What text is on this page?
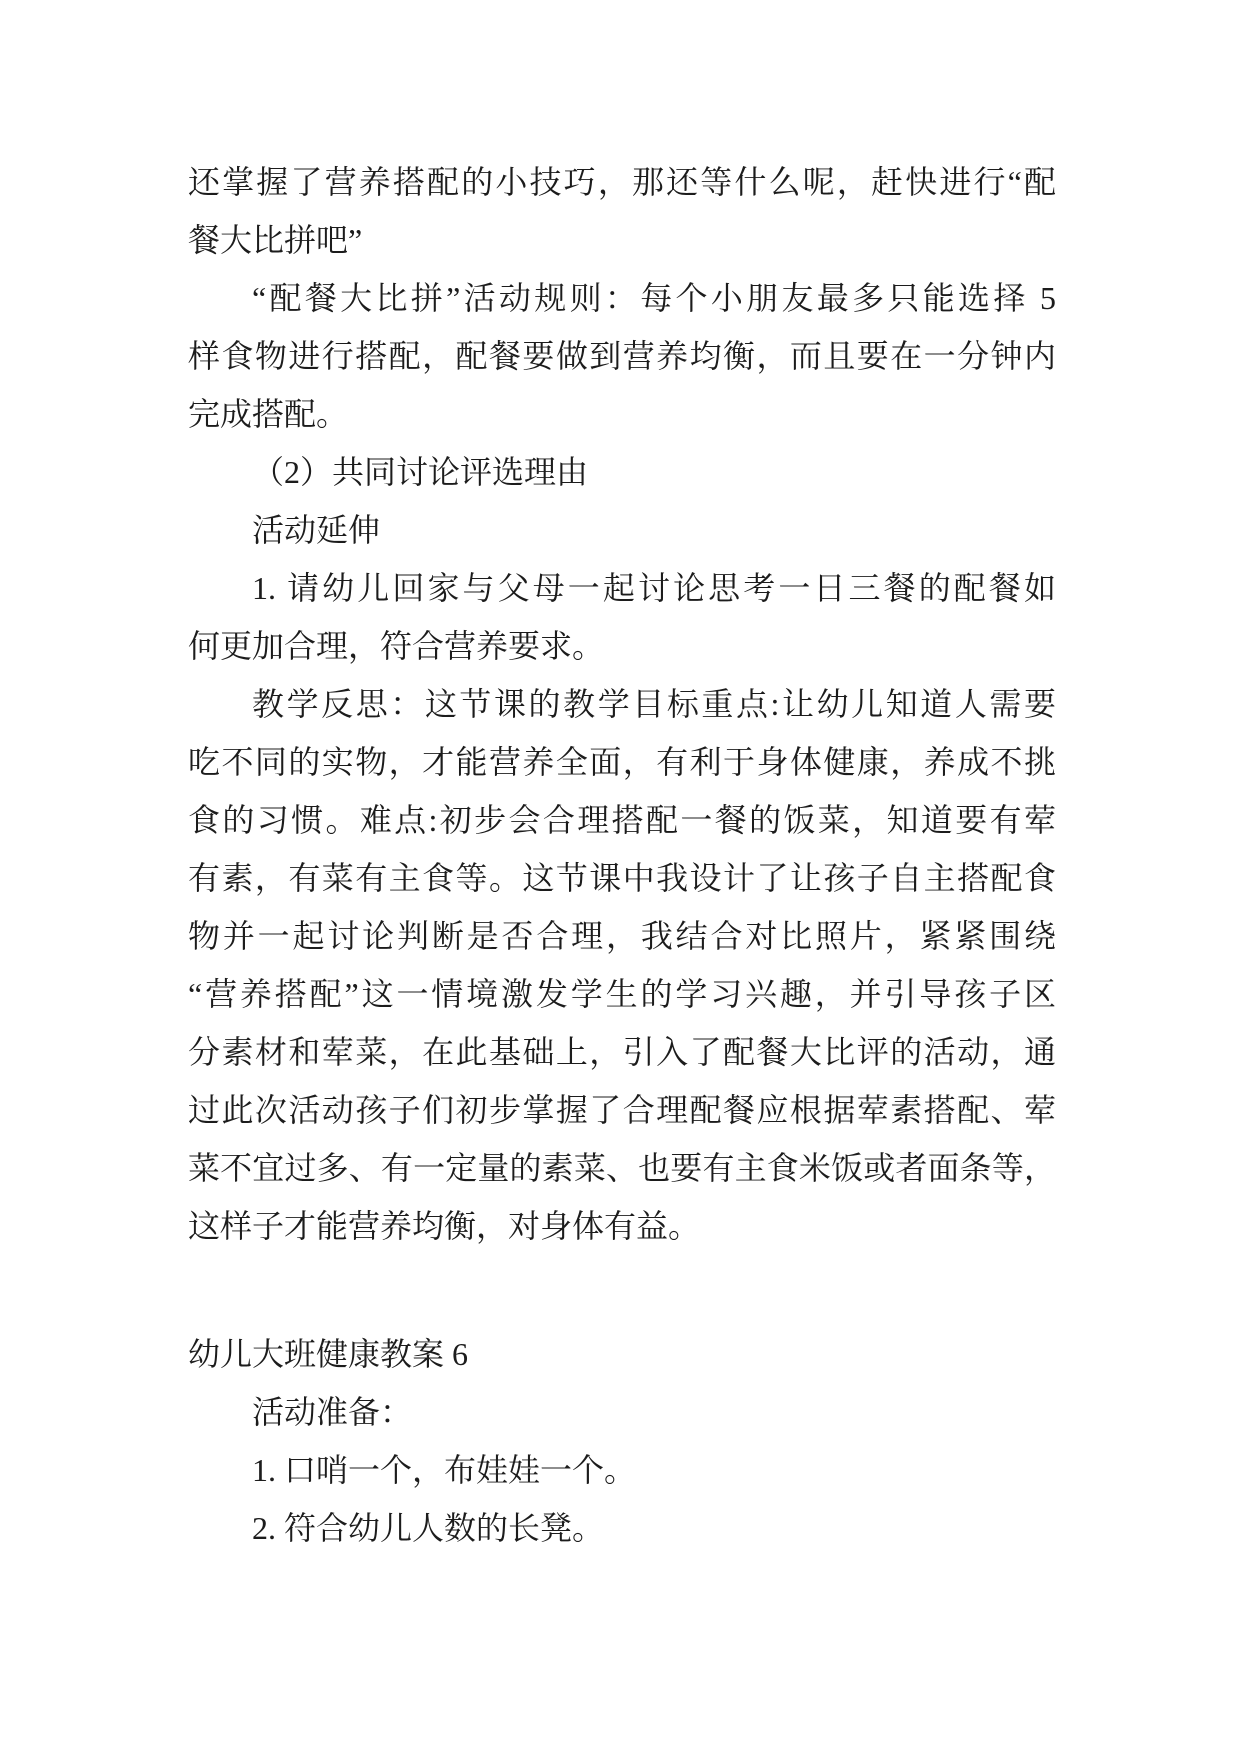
还掌握了营养搭配的小技巧，那还等什么呢，赶快进行“配
餐大比拼吧”

“配餐大比拼”活动规则：每个小朋友最多只能选择 5
样食物进行搭配，配餐要做到营养均衡，而且要在一分钟内
完成搭配。

（2）共同讨论评选理由

活动延伸

1. 请幼儿回家与父母一起讨论思考一日三餐的配餐如
何更加合理，符合营养要求。

教学反思：这节课的教学目标重点:让幼儿知道人需要
吃不同的实物，才能营养全面，有利于身体健康，养成不挑
食的习惯。难点:初步会合理搭配一餐的饭菜，知道要有荤
有素，有菜有主食等。这节课中我设计了让孩子自主搭配食
物并一起讨论判断是否合理，我结合对比照片，紧紧围绕
“营养搭配”这一情境激发学生的学习兴趣，并引导孩子区
分素材和荤菜，在此基础上，引入了配餐大比评的活动，通
过此次活动孩子们初步掌握了合理配餐应根据荤素搭配、荤
菜不宜过多、有一定量的素菜、也要有主食米饭或者面条等，
这样子才能营养均衡，对身体有益。

幼儿大班健康教案 6

活动准备：

1. 口哨一个，布娃娃一个。

2. 符合幼儿人数的长凳。
